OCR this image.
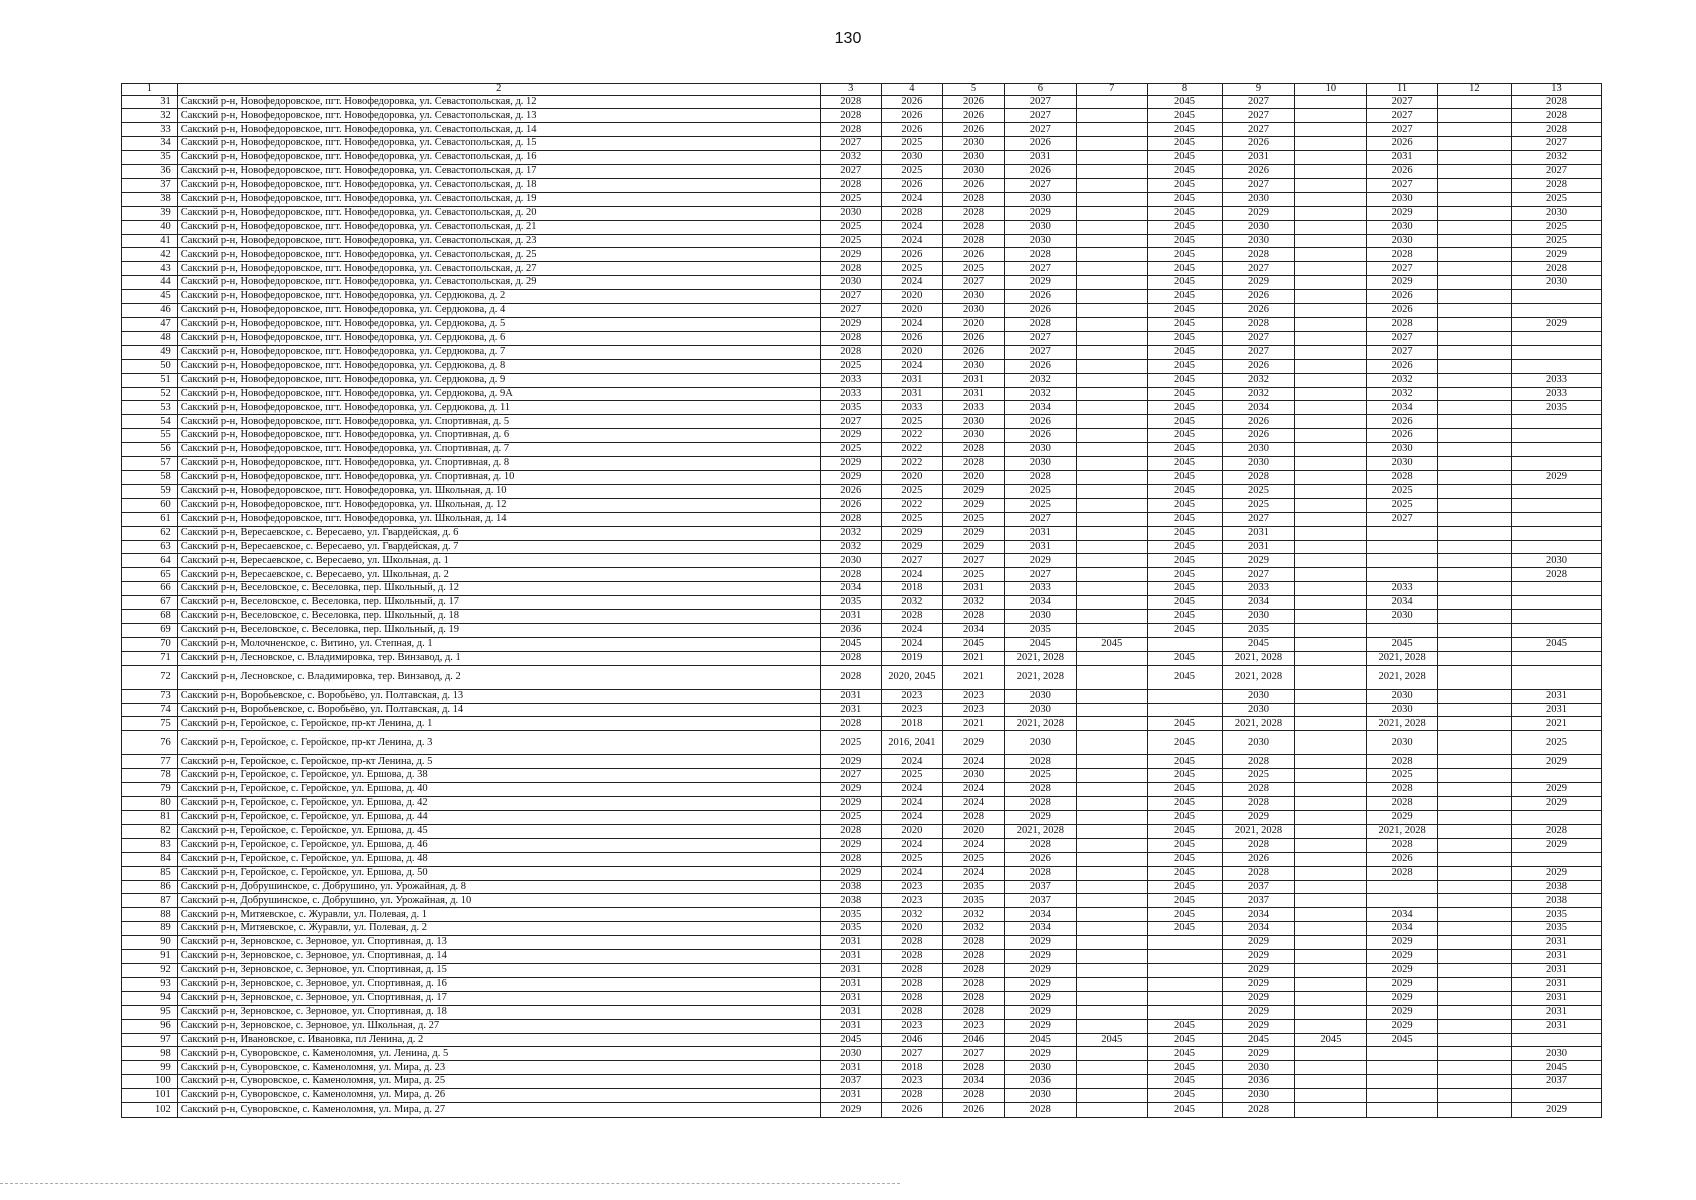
130
1	2	3	4	5	6	7	8	9	10	11	12	13
31	Сакский р-н, Новофедоровское, пгт. Новофедоровка, ул. Севастопольская, д. 12	2028	2026	2026	2027		2045	2027		2027		2028
32	Сакский р-н, Новофедоровское, пгт. Новофедоровка, ул. Севастопольская, д. 13	2028	2026	2026	2027		2045	2027		2027		2028
33	Сакский р-н, Новофедоровское, пгт. Новофедоровка, ул. Севастопольская, д. 14	2028	2026	2026	2027		2045	2027		2027		2028
34	Сакский р-н, Новофедоровское, пгт. Новофедоровка, ул. Севастопольская, д. 15	2027	2025	2030	2026		2045	2026		2026		2027
35	Сакский р-н, Новофедоровское, пгт. Новофедоровка, ул. Севастопольская, д. 16	2032	2030	2030	2031		2045	2031		2031		2032
36	Сакский р-н, Новофедоровское, пгт. Новофедоровка, ул. Севастопольская, д. 17	2027	2025	2030	2026		2045	2026		2026		2027
37	Сакский р-н, Новофедоровское, пгт. Новофедоровка, ул. Севастопольская, д. 18	2028	2026	2026	2027		2045	2027		2027		2028
38	Сакский р-н, Новофедоровское, пгт. Новофедоровка, ул. Севастопольская, д. 19	2025	2024	2028	2030		2045	2030		2030		2025
39	Сакский р-н, Новофедоровское, пгт. Новофедоровка, ул. Севастопольская, д. 20	2030	2028	2028	2029		2045	2029		2029		2030
40	Сакский р-н, Новофедоровское, пгт. Новофедоровка, ул. Севастопольская, д. 21	2025	2024	2028	2030		2045	2030		2030		2025
41	Сакский р-н, Новофедоровское, пгт. Новофедоровка, ул. Севастопольская, д. 23	2025	2024	2028	2030		2045	2030		2030		2025
42	Сакский р-н, Новофедоровское, пгт. Новофедоровка, ул. Севастопольская, д. 25	2029	2026	2026	2028		2045	2028		2028		2029
43	Сакский р-н, Новофедоровское, пгт. Новофедоровка, ул. Севастопольская, д. 27	2028	2025	2025	2027		2045	2027		2027		2028
44	Сакский р-н, Новофедоровское, пгт. Новофедоровка, ул. Севастопольская, д. 29	2030	2024	2027	2029		2045	2029		2029		2030
45	Сакский р-н, Новофедоровское, пгт. Новофедоровка, ул. Сердюкова, д. 2	2027	2020	2030	2026		2045	2026		2026		
46	Сакский р-н, Новофедоровское, пгт. Новофедоровка, ул. Сердюкова, д. 4	2027	2020	2030	2026		2045	2026		2026		
47	Сакский р-н, Новофедоровское, пгт. Новофедоровка, ул. Сердюкова, д. 5	2029	2024	2020	2028		2045	2028		2028		2029
48	Сакский р-н, Новофедоровское, пгт. Новофедоровка, ул. Сердюкова, д. 6	2028	2026	2026	2027		2045	2027		2027		
49	Сакский р-н, Новофедоровское, пгт. Новофедоровка, ул. Сердюкова, д. 7	2028	2020	2026	2027		2045	2027		2027		
50	Сакский р-н, Новофедоровское, пгт. Новофедоровка, ул. Сердюкова, д. 8	2025	2024	2030	2026		2045	2026		2026		
51	Сакский р-н, Новофедоровское, пгт. Новофедоровка, ул. Сердюкова, д. 9	2033	2031	2031	2032		2045	2032		2032		2033
52	Сакский р-н, Новофедоровское, пгт. Новофедоровка, ул. Сердюкова, д. 9А	2033	2031	2031	2032		2045	2032		2032		2033
53	Сакский р-н, Новофедоровское, пгт. Новофедоровка, ул. Сердюкова, д. 11	2035	2033	2033	2034		2045	2034		2034		2035
54	Сакский р-н, Новофедоровское, пгт. Новофедоровка, ул. Спортивная, д. 5	2027	2025	2030	2026		2045	2026		2026		
55	Сакский р-н, Новофедоровское, пгт. Новофедоровка, ул. Спортивная, д. 6	2029	2022	2030	2026		2045	2026		2026		
56	Сакский р-н, Новофедоровское, пгт. Новофедоровка, ул. Спортивная, д. 7	2025	2022	2028	2030		2045	2030		2030		
57	Сакский р-н, Новофедоровское, пгт. Новофедоровка, ул. Спортивная, д. 8	2029	2022	2028	2030		2045	2030		2030		
58	Сакский р-н, Новофедоровское, пгт. Новофедоровка, ул. Спортивная, д. 10	2029	2020	2020	2028		2045	2028		2028		2029
59	Сакский р-н, Новофедоровское, пгт. Новофедоровка, ул. Школьная, д. 10	2026	2025	2029	2025		2045	2025		2025		
60	Сакский р-н, Новофедоровское, пгт. Новофедоровка, ул. Школьная, д. 12	2026	2022	2029	2025		2045	2025		2025		
61	Сакский р-н, Новофедоровское, пгт. Новофедоровка, ул. Школьная, д. 14	2028	2025	2025	2027		2045	2027		2027		
62	Сакский р-н, Вересаевское, с. Вересаево, ул. Гвардейская, д. 6	2032	2029	2029	2031		2045	2031				
63	Сакский р-н, Вересаевское, с. Вересаево, ул. Гвардейская, д. 7	2032	2029	2029	2031		2045	2031				
64	Сакский р-н, Вересаевское, с. Вересаево, ул. Школьная, д. 1	2030	2027	2027	2029		2045	2029				2030
65	Сакский р-н, Вересаевское, с. Вересаево, ул. Школьная, д. 2	2028	2024	2025	2027		2045	2027				2028
66	Сакский р-н, Веселовское, с. Веселовка, пер. Школьный, д. 12	2034	2018	2031	2033		2045	2033		2033		
67	Сакский р-н, Веселовское, с. Веселовка, пер. Школьный, д. 17	2035	2032	2032	2034		2045	2034		2034		
68	Сакский р-н, Веселовское, с. Веселовка, пер. Школьный, д. 18	2031	2028	2028	2030		2045	2030		2030		
69	Сакский р-н, Веселовское, с. Веселовка, пер. Школьный, д. 19	2036	2024	2034	2035		2045	2035				
70	Сакский р-н, Молочненское, с. Витино, ул. Степная, д. 1	2045	2024	2045	2045	2045		2045		2045		2045
71	Сакский р-н, Лесновское, с. Владимировка, тер. Винзавод, д. 1	2028	2019	2021	2021, 2028		2045	2021, 2028		2021, 2028		
72	Сакский р-н, Лесновское, с. Владимировка, тер. Винзавод, д. 2	2028	2020, 2045	2021	2021, 2028		2045	2021, 2028		2021, 2028		
73	Сакский р-н, Воробьевское, с. Воробьёво, ул. Полтавская, д. 13	2031	2023	2023	2030			2030		2030		2031
74	Сакский р-н, Воробьевское, с. Воробьёво, ул. Полтавская, д. 14	2031	2023	2023	2030			2030		2030		2031
75	Сакский р-н, Геройское, с. Геройское, пр-кт Ленина, д. 1	2028	2018	2021	2021, 2028		2045	2021, 2028		2021, 2028		2021
76	Сакский р-н, Геройское, с. Геройское, пр-кт Ленина, д. 3	2025	2016, 2041	2029	2030		2045	2030		2030		2025
77	Сакский р-н, Геройское, с. Геройское, пр-кт Ленина, д. 5	2029	2024	2024	2028		2045	2028		2028		2029
78	Сакский р-н, Геройское, с. Геройское, ул. Ершова, д. 38	2027	2025	2030	2025		2045	2025		2025		
79	Сакский р-н, Геройское, с. Геройское, ул. Ершова, д. 40	2029	2024	2024	2028		2045	2028		2028		2029
80	Сакский р-н, Геройское, с. Геройское, ул. Ершова, д. 42	2029	2024	2024	2028		2045	2028		2028		2029
81	Сакский р-н, Геройское, с. Геройское, ул. Ершова, д. 44	2025	2024	2028	2029		2045	2029		2029		
82	Сакский р-н, Геройское, с. Геройское, ул. Ершова, д. 45	2028	2020	2020	2021, 2028		2045	2021, 2028		2021, 2028		2028
83	Сакский р-н, Геройское, с. Геройское, ул. Ершова, д. 46	2029	2024	2024	2028		2045	2028		2028		2029
84	Сакский р-н, Геройское, с. Геройское, ул. Ершова, д. 48	2028	2025	2025	2026		2045	2026		2026		
85	Сакский р-н, Геройское, с. Геройское, ул. Ершова, д. 50	2029	2024	2024	2028		2045	2028		2028		2029
86	Сакский р-н, Добрушинское, с. Добрушино, ул. Урожайная, д. 8	2038	2023	2035	2037		2045	2037				2038
87	Сакский р-н, Добрушинское, с. Добрушино, ул. Урожайная, д. 10	2038	2023	2035	2037		2045	2037				2038
88	Сакский р-н, Митяевское, с. Журавли, ул. Полевая, д. 1	2035	2032	2032	2034		2045	2034		2034		2035
89	Сакский р-н, Митяевское, с. Журавли, ул. Полевая, д. 2	2035	2020	2032	2034		2045	2034		2034		2035
90	Сакский р-н, Зерновское, с. Зерновое, ул. Спортивная, д. 13	2031	2028	2028	2029			2029		2029		2031
91	Сакский р-н, Зерновское, с. Зерновое, ул. Спортивная, д. 14	2031	2028	2028	2029			2029		2029		2031
92	Сакский р-н, Зерновское, с. Зерновое, ул. Спортивная, д. 15	2031	2028	2028	2029			2029		2029		2031
93	Сакский р-н, Зерновское, с. Зерновое, ул. Спортивная, д. 16	2031	2028	2028	2029			2029		2029		2031
94	Сакский р-н, Зерновское, с. Зерновое, ул. Спортивная, д. 17	2031	2028	2028	2029			2029		2029		2031
95	Сакский р-н, Зерновское, с. Зерновое, ул. Спортивная, д. 18	2031	2028	2028	2029			2029		2029		2031
96	Сакский р-н, Зерновское, с. Зерновое, ул. Школьная, д. 27	2031	2023	2023	2029		2045	2029		2029		2031
97	Сакский р-н, Ивановское, с. Ивановка, пл Ленина, д. 2	2045	2046	2046	2045	2045	2045	2045	2045	2045		
98	Сакский р-н, Суворовское, с. Каменоломня, ул. Ленина, д. 5	2030	2027	2027	2029		2045	2029				2030
99	Сакский р-н, Суворовское, с. Каменоломня, ул. Мира, д. 23	2031	2018	2028	2030		2045	2030				2045
100	Сакский р-н, Суворовское, с. Каменоломня, ул. Мира, д. 25	2037	2023	2034	2036		2045	2036				2037
101	Сакский р-н, Суворовское, с. Каменоломня, ул. Мира, д. 26	2031	2028	2028	2030		2045	2030				
102	Сакский р-н, Суворовское, с. Каменоломня, ул. Мира, д. 27	2029	2026	2026	2028		2045	2028				2029
